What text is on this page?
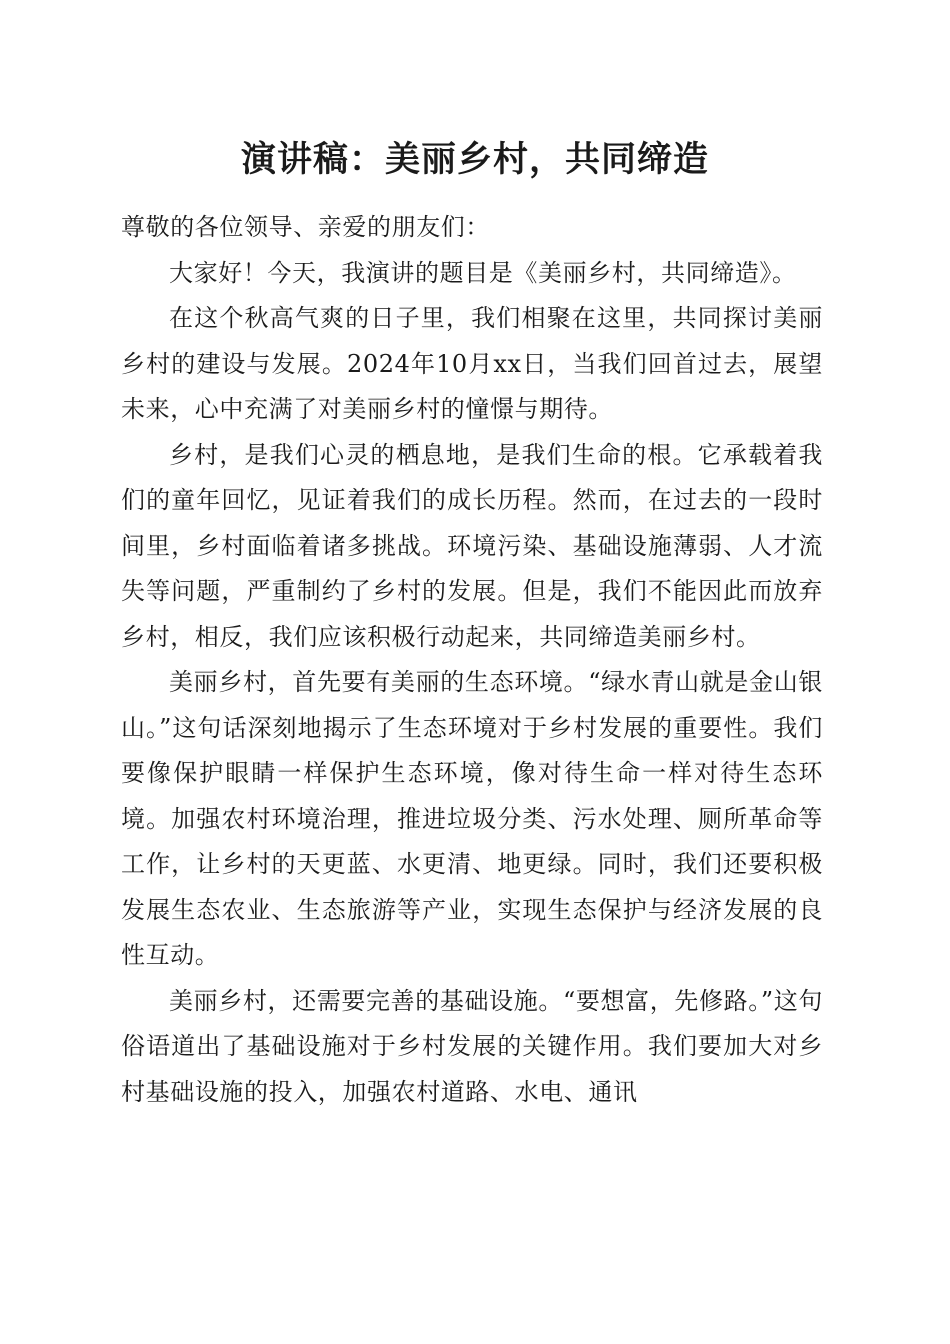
演讲稿：美丽乡村，共同缔造

尊敬的各位领导、亲爱的朋友们：

大家好！今天，我演讲的题目是《美丽乡村，共同缔造》。

在这个秋高气爽的日子里，我们相聚在这里，共同探讨美丽乡村的建设与发展。2024年10月xx日，当我们回首过去，展望未来，心中充满了对美丽乡村的憧憬与期待。

乡村，是我们心灵的栖息地，是我们生命的根。它承载着我们的童年回忆，见证着我们的成长历程。然而，在过去的一段时间里，乡村面临着诸多挑战。环境污染、基础设施薄弱、人才流失等问题，严重制约了乡村的发展。但是，我们不能因此而放弃乡村，相反，我们应该积极行动起来，共同缔造美丽乡村。

美丽乡村，首先要有美丽的生态环境。“绿水青山就是金山银山。”这句话深刻地揭示了生态环境对于乡村发展的重要性。我们要像保护眼睛一样保护生态环境，像对待生命一样对待生态环境。加强农村环境治理，推进垃圾分类、污水处理、厕所革命等工作，让乡村的天更蓝、水更清、地更绿。同时，我们还要积极发展生态农业、生态旅游等产业，实现生态保护与经济发展的良性互动。

美丽乡村，还需要完善的基础设施。“要想富，先修路。”这句俗语道出了基础设施对于乡村发展的关键作用。我们要加大对乡村基础设施的投入，加强农村道路、水电、通讯
